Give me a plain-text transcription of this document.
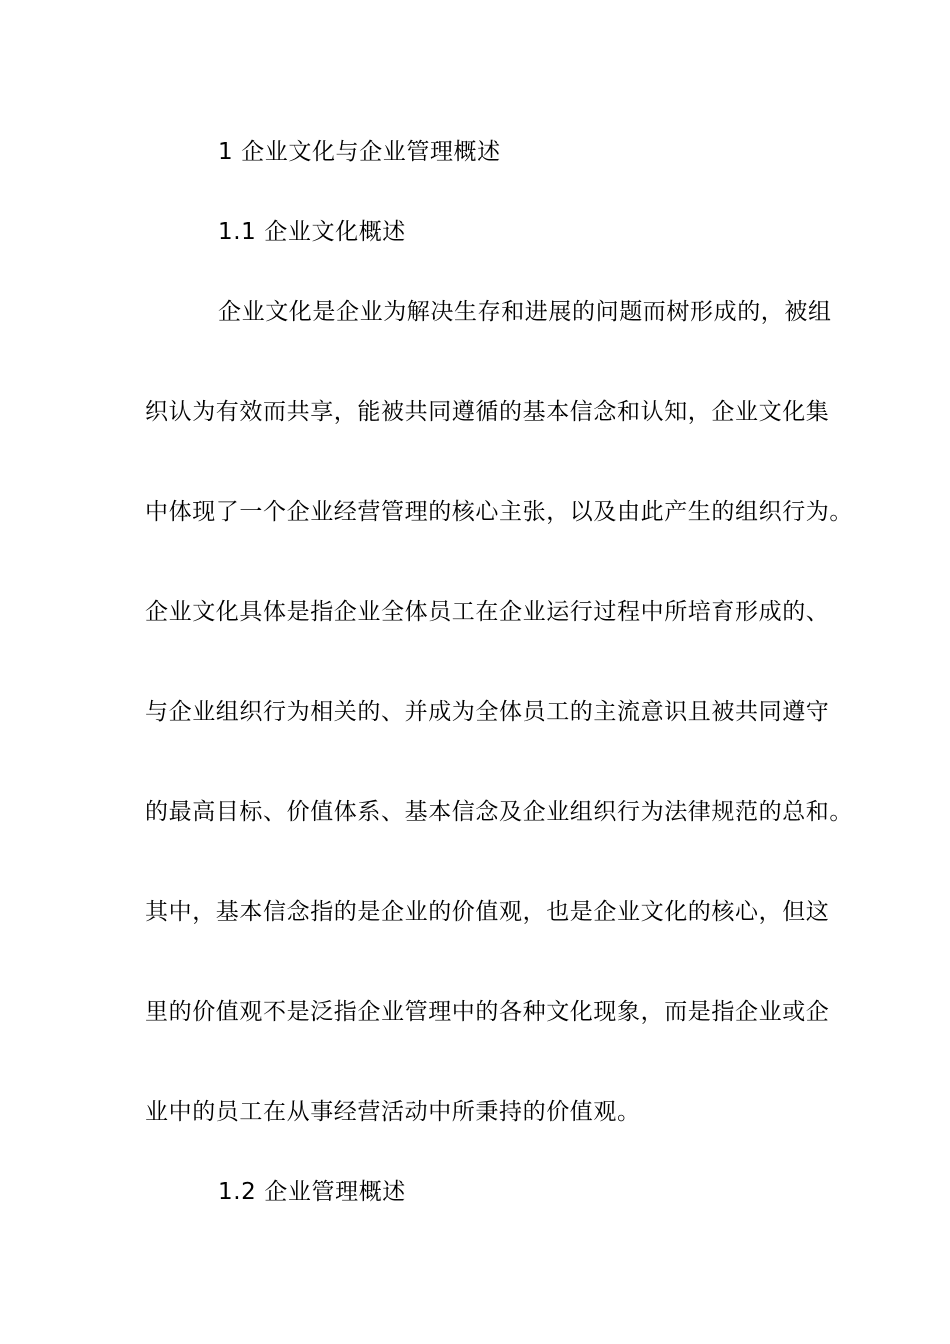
1 企业文化与企业管理概述
1.1 企业文化概述
企业文化是企业为解决生存和进展的问题而树形成的，被组
织认为有效而共享，能被共同遵循的基本信念和认知，企业文化集
中体现了一个企业经营管理的核心主张，以及由此产生的组织行为。
企业文化具体是指企业全体员工在企业运行过程中所培育形成的、
与企业组织行为相关的、并成为全体员工的主流意识且被共同遵守
的最高目标、价值体系、基本信念及企业组织行为法律规范的总和。
其中，基本信念指的是企业的价值观，也是企业文化的核心，但这
里的价值观不是泛指企业管理中的各种文化现象，而是指企业或企
业中的员工在从事经营活动中所秉持的价值观。
1.2 企业管理概述
